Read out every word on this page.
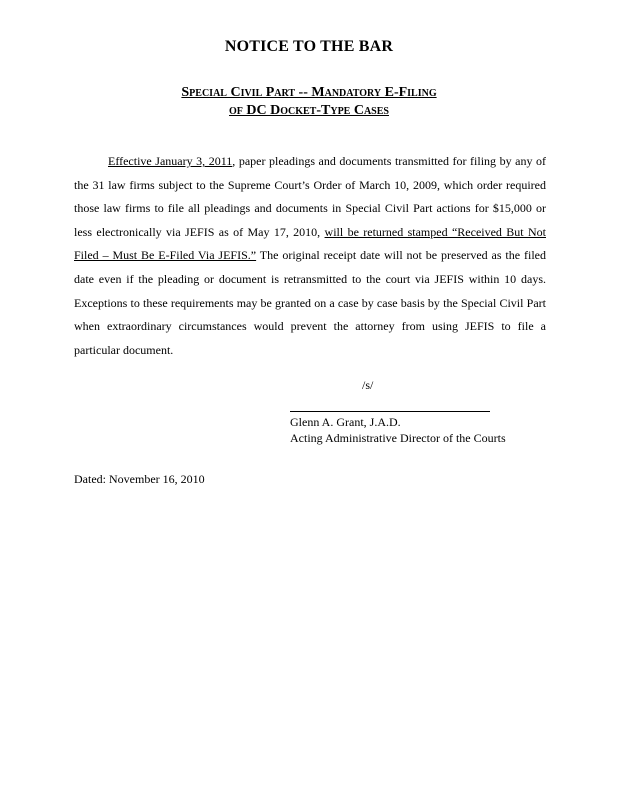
NOTICE TO THE BAR
Special Civil Part -- Mandatory E-Filing
of DC Docket-Type Cases

Effective January 3, 2011, paper pleadings and documents transmitted for filing by any of the 31 law firms subject to the Supreme Court’s Order of March 10, 2009, which order required those law firms to file all pleadings and documents in Special Civil Part actions for $15,000 or less electronically via JEFIS as of May 17, 2010, will be returned stamped “Received But Not Filed – Must Be E-Filed Via JEFIS.” The original receipt date will not be preserved as the filed date even if the pleading or document is retransmitted to the court via JEFIS within 10 days. Exceptions to these requirements may be granted on a case by case basis by the Special Civil Part when extraordinary circumstances would prevent the attorney from using JEFIS to file a particular document.

/s/
Glenn A. Grant, J.A.D.
Acting Administrative Director of the Courts
Dated: November 16, 2010
